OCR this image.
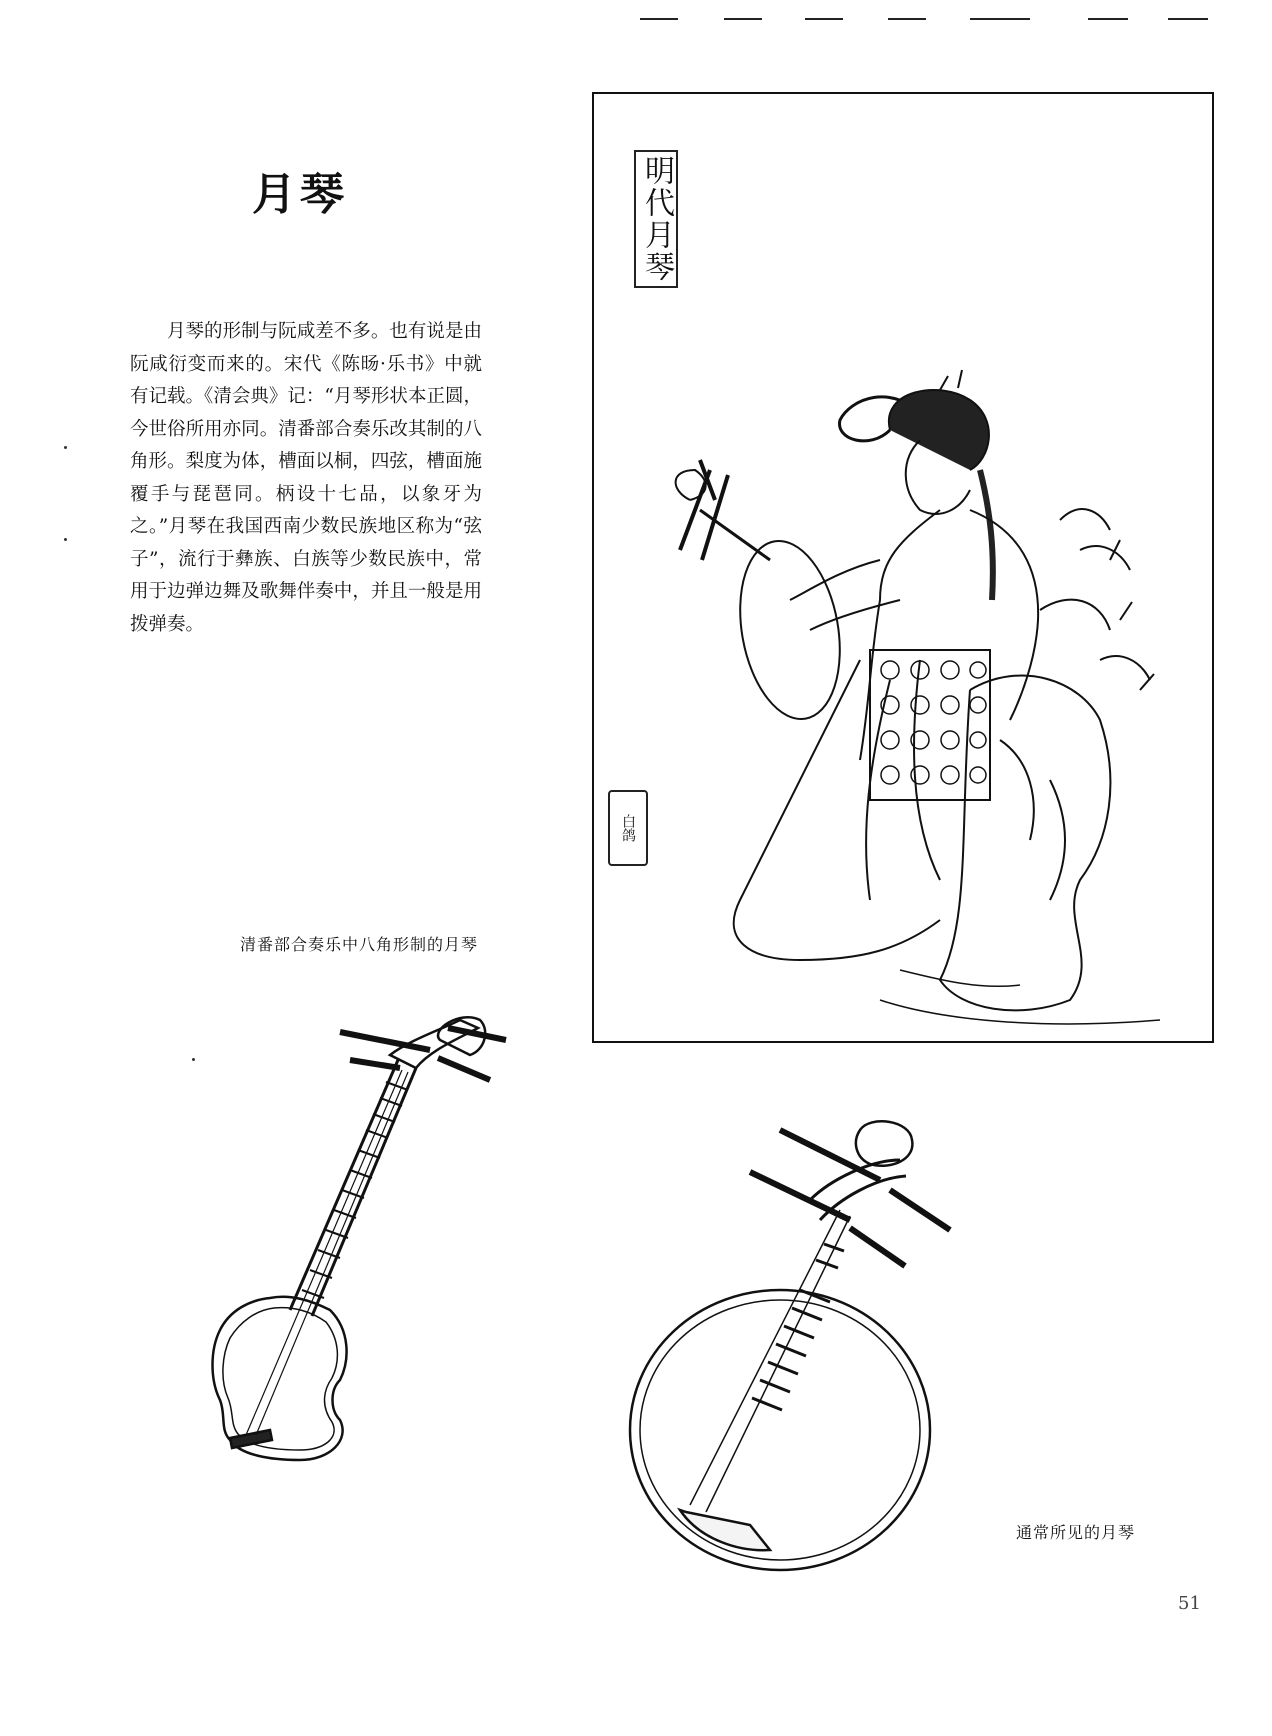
月琴

月琴的形制与阮咸差不多。也有说是由阮咸衍变而来的。宋代《陈旸·乐书》中就有记载。《清会典》记：“月琴形状本正圆，今世俗所用亦同。清番部合奏乐改其制的八角形。梨度为体，槽面以桐，四弦，槽面施覆手与琵琶同。柄设十七品，以象牙为之。”月琴在我国西南少数民族地区称为“弦子”，流行于彝族、白族等少数民族中，常用于边弹边舞及歌舞伴奏中，并且一般是用拨弹奏。

明代月琴
白鸽
清番部合奏乐中八角形制的月琴
通常所见的月琴
51
